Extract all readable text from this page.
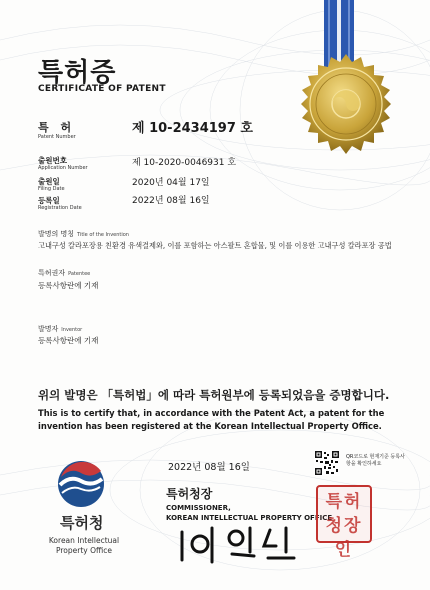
특허증
CERTIFICATE OF PATENT
특 허
Patent Number
제 10-2434197 호
출원번호
Application Number	제 10-2020-0046931 호
출원일
Filing Date
2020년 04월 17일
등록일
Registration Date
2022년 08월 16일
발명의 명칭 Title of the Invention
고내구성 칼라포장용 친환경 유색결제와, 이를 포함하는 아스팔트 혼합물, 및 이를 이용한 고내구성 칼라포장 공법
특허권자 Patentee
등록사항란에 기재
발명자 Inventor
등록사항란에 기재
위의 발명은 「특허법」에 따라 특허원부에 등록되었음을 증명합니다.
This is to certify that, in accordance with the Patent Act, a patent for the invention has been registered at the Korean Intellectual Property Office.
특허청
Korean Intellectual Property Office
2022년 08월 16일
QR코드로 현재기준 등록사항을 확인하세요
특허청장
COMMISSIONER,
KOREAN INTELLECTUAL PROPERTY OFFICE
특허청장인
